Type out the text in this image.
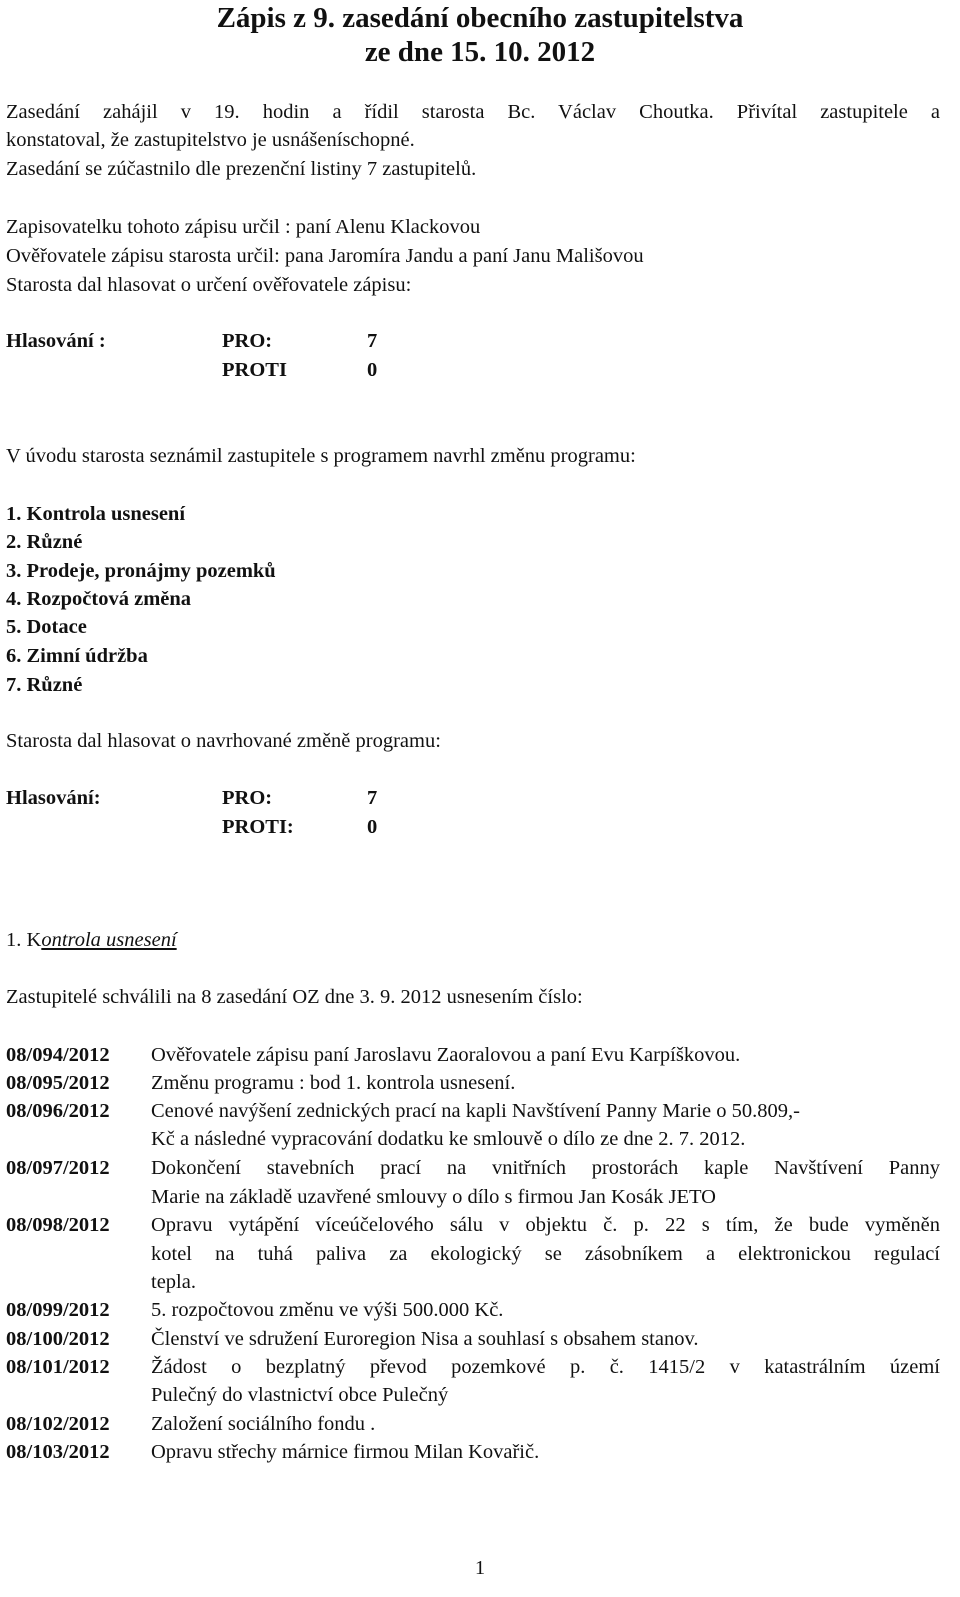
Zápis z 9. zasedání obecního zastupitelstva
ze dne 15. 10. 2012
Zasedání zahájil v 19. hodin a řídil starosta Bc. Václav Choutka. Přivítal zastupitele a
konstatoval, že zastupitelstvo je usnášeníschopné.
Zasedání se zúčastnilo dle prezenční listiny 7 zastupitelů.
Zapisovatelku tohoto zápisu určil : paní Alenu Klackovou
Ověřovatele zápisu starosta určil: pana Jaromíra Jandu a paní Janu Mališovou
Starosta dal hlasovat o určení ověřovatele zápisu:
Hlasování :	PRO:	7
PROTI	0
V úvodu starosta seznámil zastupitele s programem navrhl změnu programu:
1. Kontrola usnesení
2. Různé
3. Prodeje, pronájmy pozemků
4. Rozpočtová změna
5. Dotace
6. Zimní údržba
7. Různé
Starosta dal hlasovat o navrhované změně programu:
Hlasování:	PRO:	7
PROTI:	0
1. Kontrola usnesení
Zastupitelé schválili na 8 zasedání OZ dne 3. 9. 2012 usnesením číslo:
08/094/2012 Ověřovatele zápisu paní Jaroslavu Zaoralovou a paní Evu Karpíškovou.
08/095/2012 Změnu programu : bod 1. kontrola usnesení.
08/096/2012 Cenové navýšení zednických prací na kapli Navštívení Panny Marie o 50.809,-
Kč a následné vypracování dodatku ke smlouvě o dílo ze dne 2. 7. 2012.
08/097/2012 Dokončení stavebních prací na vnitřních prostorách kaple Navštívení Panny
Marie na základě uzavřené smlouvy o dílo s firmou Jan Kosák JETO
08/098/2012 Opravu vytápění víceúčelového sálu v objektu č. p. 22 s tím, že bude vyměněn
kotel na tuhá paliva za ekologický se zásobníkem a elektronickou regulací
tepla.
08/099/2012 5. rozpočtovou změnu ve výši 500.000 Kč.
08/100/2012 Členství ve sdružení Euroregion Nisa a souhlasí s obsahem stanov.
08/101/2012 Žádost o bezplatný převod pozemkové p. č. 1415/2 v katastrálním území
Pulečný do vlastnictví obce Pulečný
08/102/2012 Založení sociálního fondu .
08/103/2012 Opravu střechy márnice firmou Milan Kovařič.
1
